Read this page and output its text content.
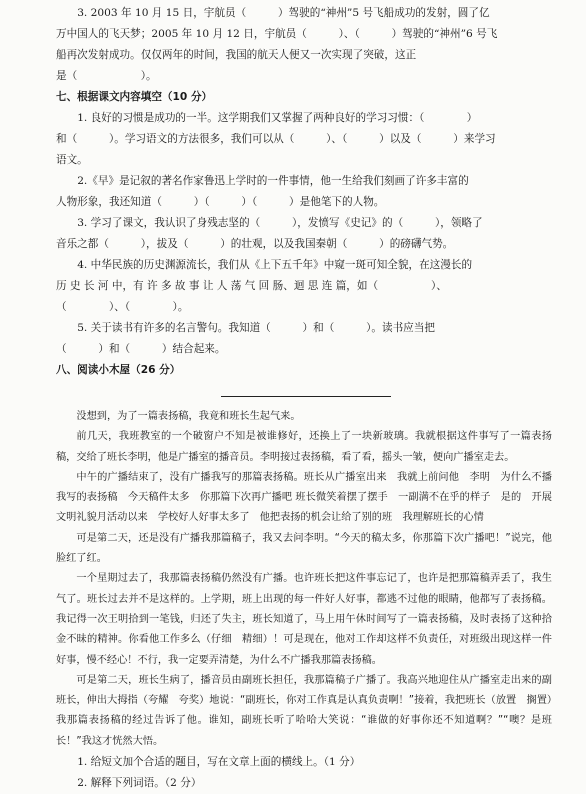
3. 2003 年 10 月 15 日，宇航员（　　　）驾驶的“神州”5 号飞船成功的发射，圆了亿

万中国人的飞天梦；2005 年 10 月 12 日，宇航员（　　　）、（　　　）驾驶的“神州”6 号飞

船再次发射成功。仅仅两年的时间，我国的航天人便又一次实现了突破，这正

是（　　　　　　）。

七、根据课文内容填空（10 分）

1. 良好的习惯是成功的一半。这学期我们又掌握了两种良好的学习习惯：（　　　　）

和（　　　）。学习语文的方法很多，我们可以从（　　　）、（　　　）以及（　　　）来学习

语文。

2.《早》是记叙的著名作家鲁迅上学时的一件事情，他一生给我们刻画了许多丰富的

人物形象，我还知道（　　　）（　　　）（　　　）是他笔下的人物。

3. 学习了课文，我认识了身残志坚的（　　　），发愤写《史记》的（　　　），领略了

音乐之都（　　　），拔及（　　　）的壮观，以及我国秦朝（　　　）的磅礴气势。

4. 中华民族的历史渊源流长，我们从《上下五千年》中窥一斑可知全貌，在这漫长的

历 史 长 河 中，有 许 多 故 事 让 人 荡 气 回 肠、迴 思 连 篇，如（　　　　　）、

（　　　　）、（　　　　）。

5. 关于读书有许多的名言警句。我知道（　　　）和（　　　）。读书应当把

（　　　）和（　　　）结合起来。

八、阅读小木屋（26 分）

没想到，为了一篇表扬稿，我竟和班长生起气来。

前几天，我班教室的一个破窗户不知是被谁修好，还换上了一块新玻璃。我就根据这件事写了一篇表扬稿，交给了班长李明，他是广播室的播音员。李明接过表扬稿，看了看，摇头一皱，便向广播室走去。

中午的广播结束了，没有广播我写的那篇表扬稿。班长从广播室出来　我就上前问他　李明　为什么不播我写的表扬稿　今天稿件太多　你那篇下次再广播吧 班长微笑着摆了摆手　一副满不在乎的样子　是的　开展文明礼貌月活动以来　学校好人好事太多了　他把表扬的机会让给了别的班　我理解班长的心情

可是第二天，还是没有广播我那篇稿子，我又去问李明。“今天的稿太多，你那篇下次广播吧！”说完，他脸红了红。

一个星期过去了，我那篇表扬稿仍然没有广播。也许班长把这件事忘记了，也许是把那篇稿弄丢了，我生气了。班长过去并不是这样的。上学期，班上出现的每一件好人好事，都逃不过他的眼睛，他都写了表扬稿。我记得一次王明拾到一笔钱，归还了失主，班长知道了，马上用午休时间写了一篇表扬稿，及时表扬了这种拾金不昧的精神。你看他工作多么（仔细　精细）！可是现在，他对工作却这样不负责任，对班级出现这样一件好事，慢不经心！不行，我一定要弄清楚，为什么不广播我那篇表扬稿。

可是第二天，班长生病了，播音员由副班长担任，我那篇稿子广播了。我高兴地迎住从广播室走出来的副班长，伸出大拇指（夸耀　夸奖）地说：“副班长，你对工作真是认真负责啊！”接着，我把班长（放置　搁置）我那篇表扬稿的经过告诉了他。谁知，副班长听了哈哈大笑说：“谁做的好事你还不知道啊？”“噢？是班长！”我这才恍然大悟。

1. 给短文加个合适的题目，写在文章上面的横线上。（1 分）

2. 解释下列词语。（2 分）
